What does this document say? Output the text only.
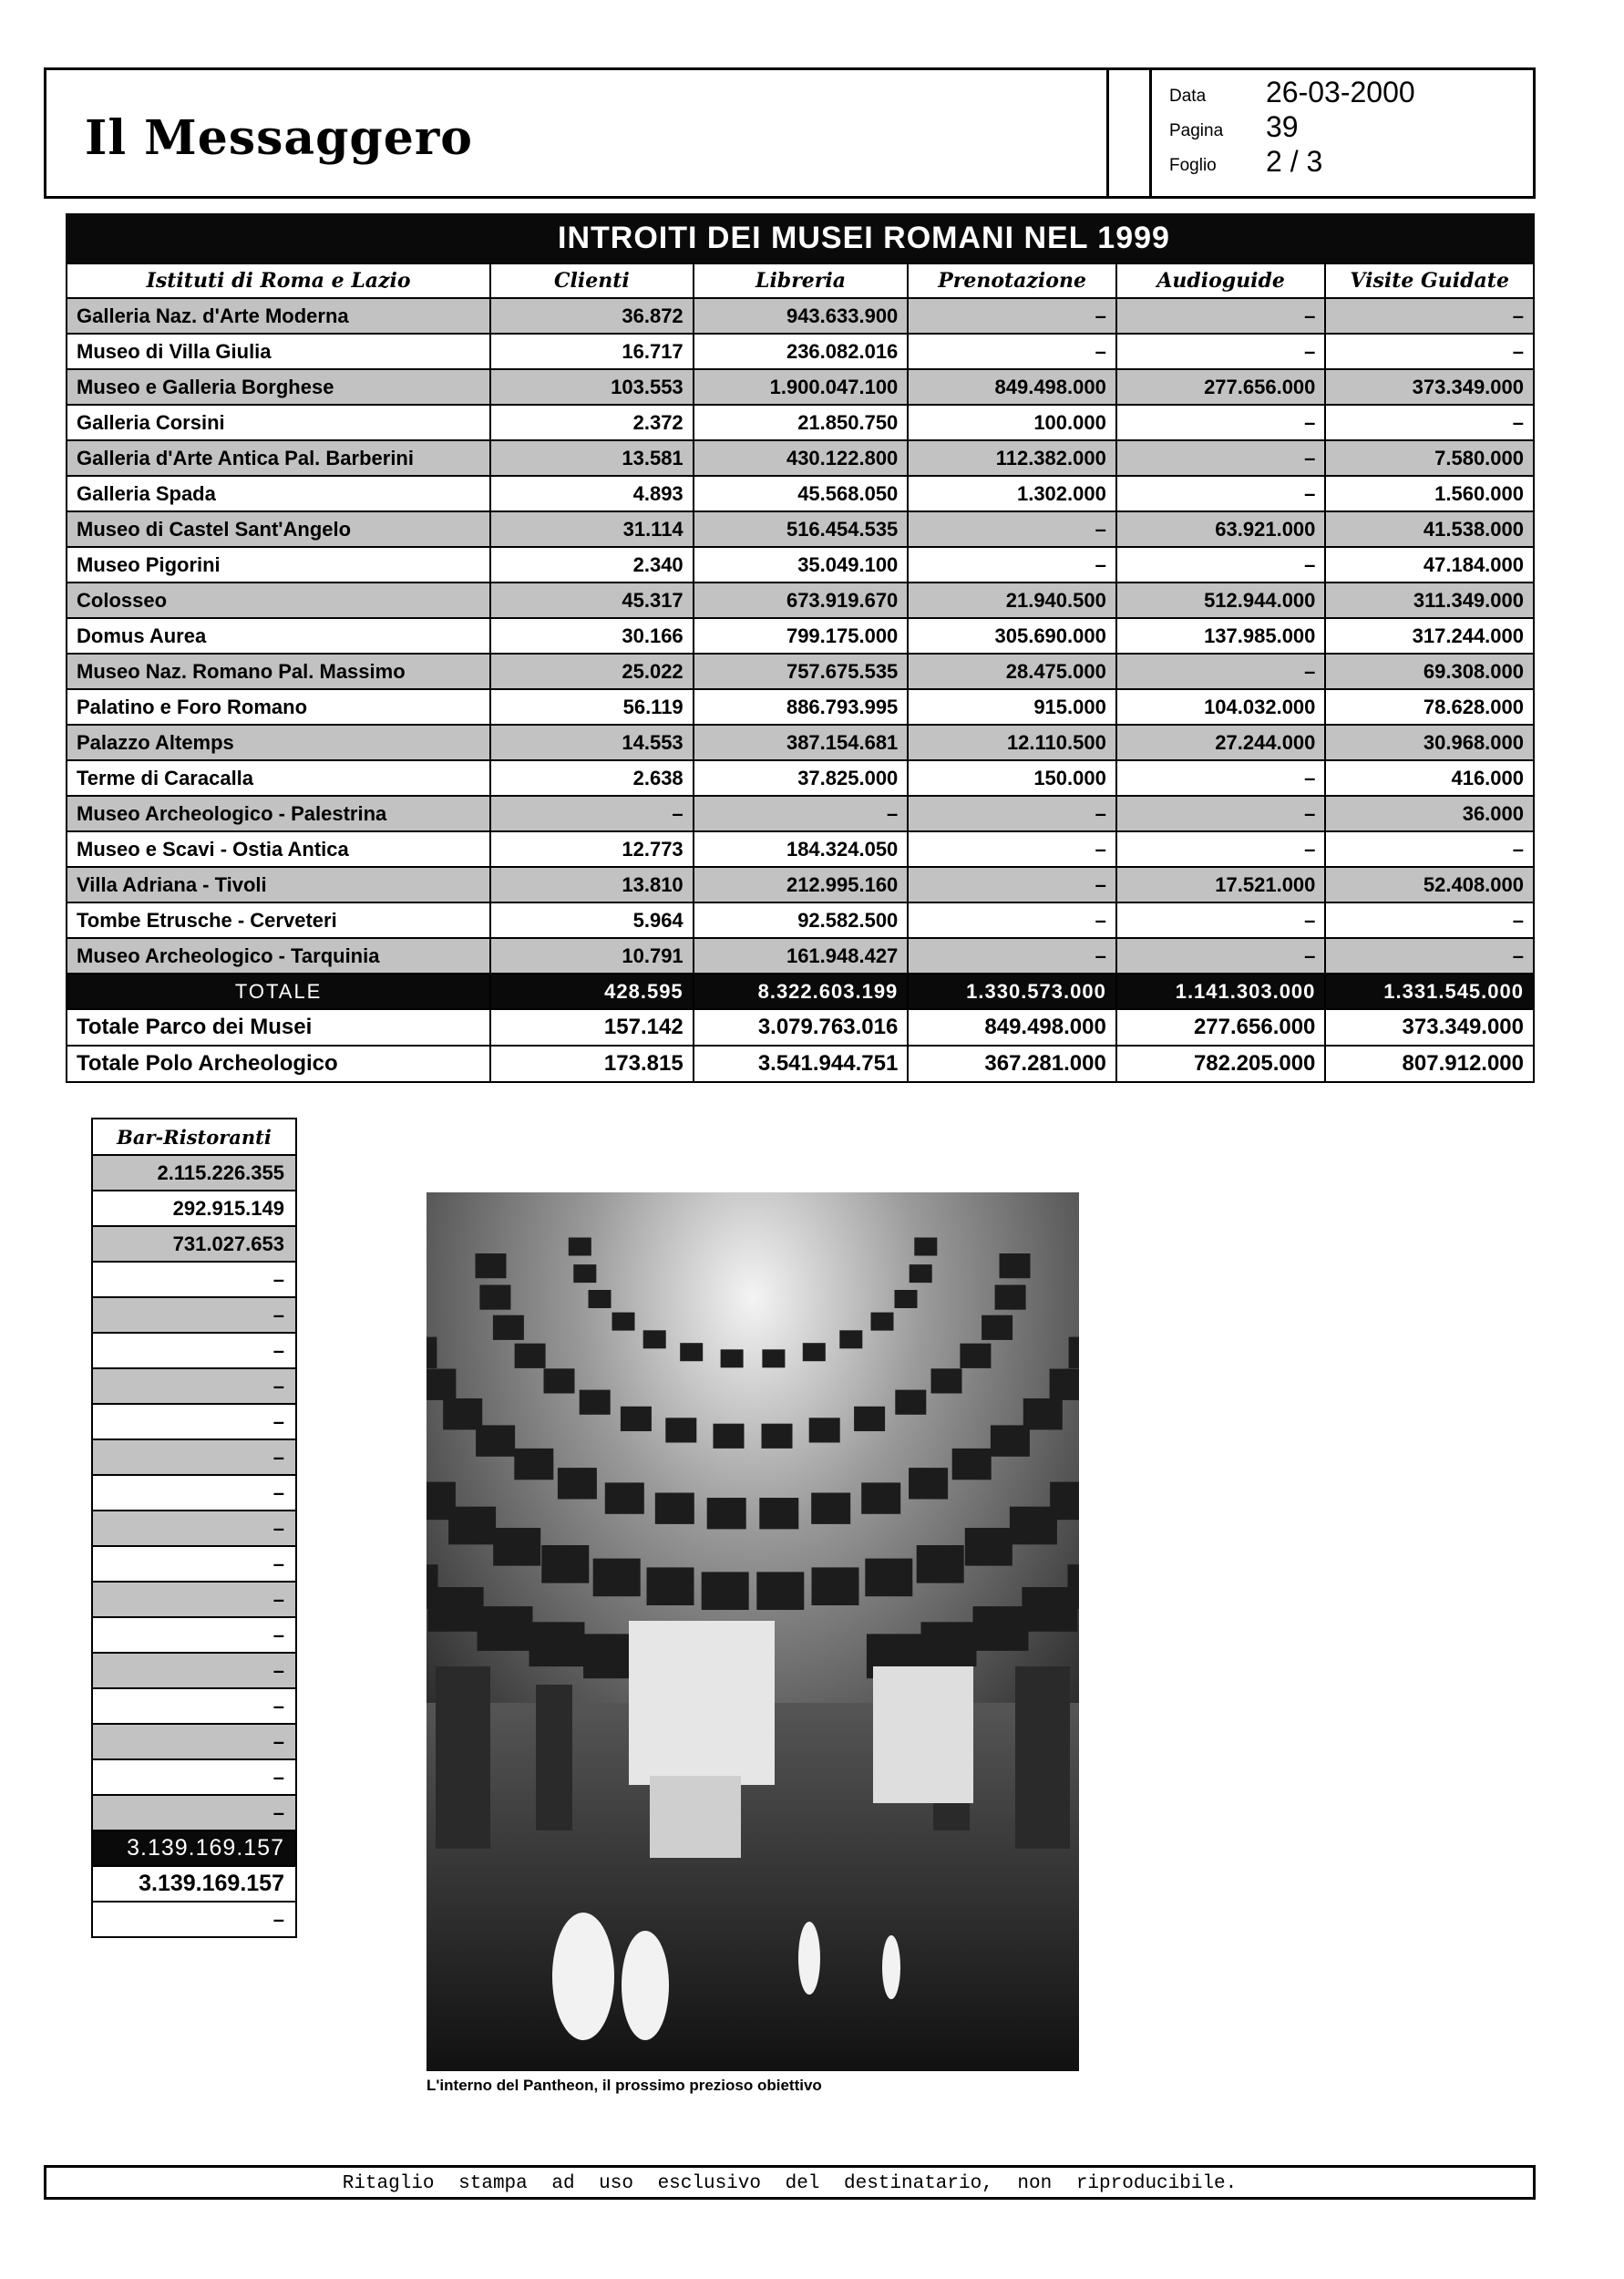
Il Messaggero
Data 26-03-2000
Pagina 39
Foglio 2 / 3
INTROITI DEI MUSEI ROMANI NEL 1999
Istituti di Roma e Lazio	Clienti	Libreria	Prenotazione	Audioguide	Visite Guidate
Galleria Naz. d'Arte Moderna	36.872	943.633.900	–	–	–
Museo di Villa Giulia	16.717	236.082.016	–	–	–
Museo e Galleria Borghese	103.553	1.900.047.100	849.498.000	277.656.000	373.349.000
Galleria Corsini	2.372	21.850.750	100.000	–	–
Galleria d'Arte Antica Pal. Barberini	13.581	430.122.800	112.382.000	–	7.580.000
Galleria Spada	4.893	45.568.050	1.302.000	–	1.560.000
Museo di Castel Sant'Angelo	31.114	516.454.535	–	63.921.000	41.538.000
Museo Pigorini	2.340	35.049.100	–	–	47.184.000
Colosseo	45.317	673.919.670	21.940.500	512.944.000	311.349.000
Domus Aurea	30.166	799.175.000	305.690.000	137.985.000	317.244.000
Museo Naz. Romano Pal. Massimo	25.022	757.675.535	28.475.000	–	69.308.000
Palatino e Foro Romano	56.119	886.793.995	915.000	104.032.000	78.628.000
Palazzo Altemps	14.553	387.154.681	12.110.500	27.244.000	30.968.000
Terme di Caracalla	2.638	37.825.000	150.000	–	416.000
Museo Archeologico - Palestrina	–	–	–	–	36.000
Museo e Scavi - Ostia Antica	12.773	184.324.050	–	–	–
Villa Adriana - Tivoli	13.810	212.995.160	–	17.521.000	52.408.000
Tombe Etrusche - Cerveteri	5.964	92.582.500	–	–	–
Museo Archeologico - Tarquinia	10.791	161.948.427	–	–	–
TOTALE	428.595	8.322.603.199	1.330.573.000	1.141.303.000	1.331.545.000
Totale Parco dei Musei	157.142	3.079.763.016	849.498.000	277.656.000	373.349.000
Totale Polo Archeologico	173.815	3.541.944.751	367.281.000	782.205.000	807.912.000
Bar-Ristoranti
2.115.226.355
292.915.149
731.027.653
–
–
–
–
–
–
–
–
–
–
–
–
–
–
–
–
3.139.169.157
3.139.169.157
–
L'interno del Pantheon, il prossimo prezioso obiettivo
Ritaglio stampa ad uso esclusivo del destinatario, non riproducibile.
